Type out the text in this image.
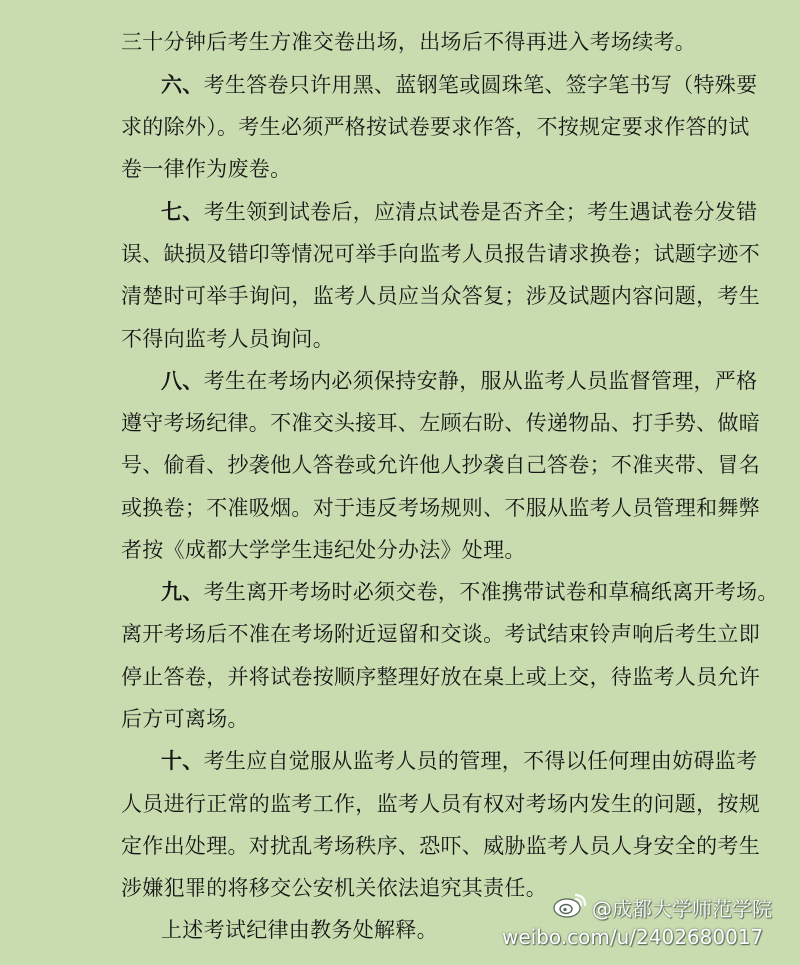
三十分钟后考生方准交卷出场，出场后不得再进入考场续考。
六、考生答卷只许用黑、蓝钢笔或圆珠笔、签字笔书写（特殊要
求的除外）。考生必须严格按试卷要求作答，不按规定要求作答的试
卷一律作为废卷。
七、考生领到试卷后，应清点试卷是否齐全；考生遇试卷分发错
误、缺损及错印等情况可举手向监考人员报告请求换卷；试题字迹不
清楚时可举手询问，监考人员应当众答复；涉及试题内容问题，考生
不得向监考人员询问。
八、考生在考场内必须保持安静，服从监考人员监督管理，严格
遵守考场纪律。不准交头接耳、左顾右盼、传递物品、打手势、做暗
号、偷看、抄袭他人答卷或允许他人抄袭自己答卷；不准夹带、冒名
或换卷；不准吸烟。对于违反考场规则、不服从监考人员管理和舞弊
者按《成都大学学生违纪处分办法》处理。
九、考生离开考场时必须交卷，不准携带试卷和草稿纸离开考场。
离开考场后不准在考场附近逗留和交谈。考试结束铃声响后考生立即
停止答卷，并将试卷按顺序整理好放在桌上或上交，待监考人员允许
后方可离场。
十、考生应自觉服从监考人员的管理，不得以任何理由妨碍监考
人员进行正常的监考工作，监考人员有权对考场内发生的问题，按规
定作出处理。对扰乱考场秩序、恐吓、威胁监考人员人身安全的考生
涉嫌犯罪的将移交公安机关依法追究其责任。
上述考试纪律由教务处解释。
@成都大学师范学院
weibo.com/u/2402680017
